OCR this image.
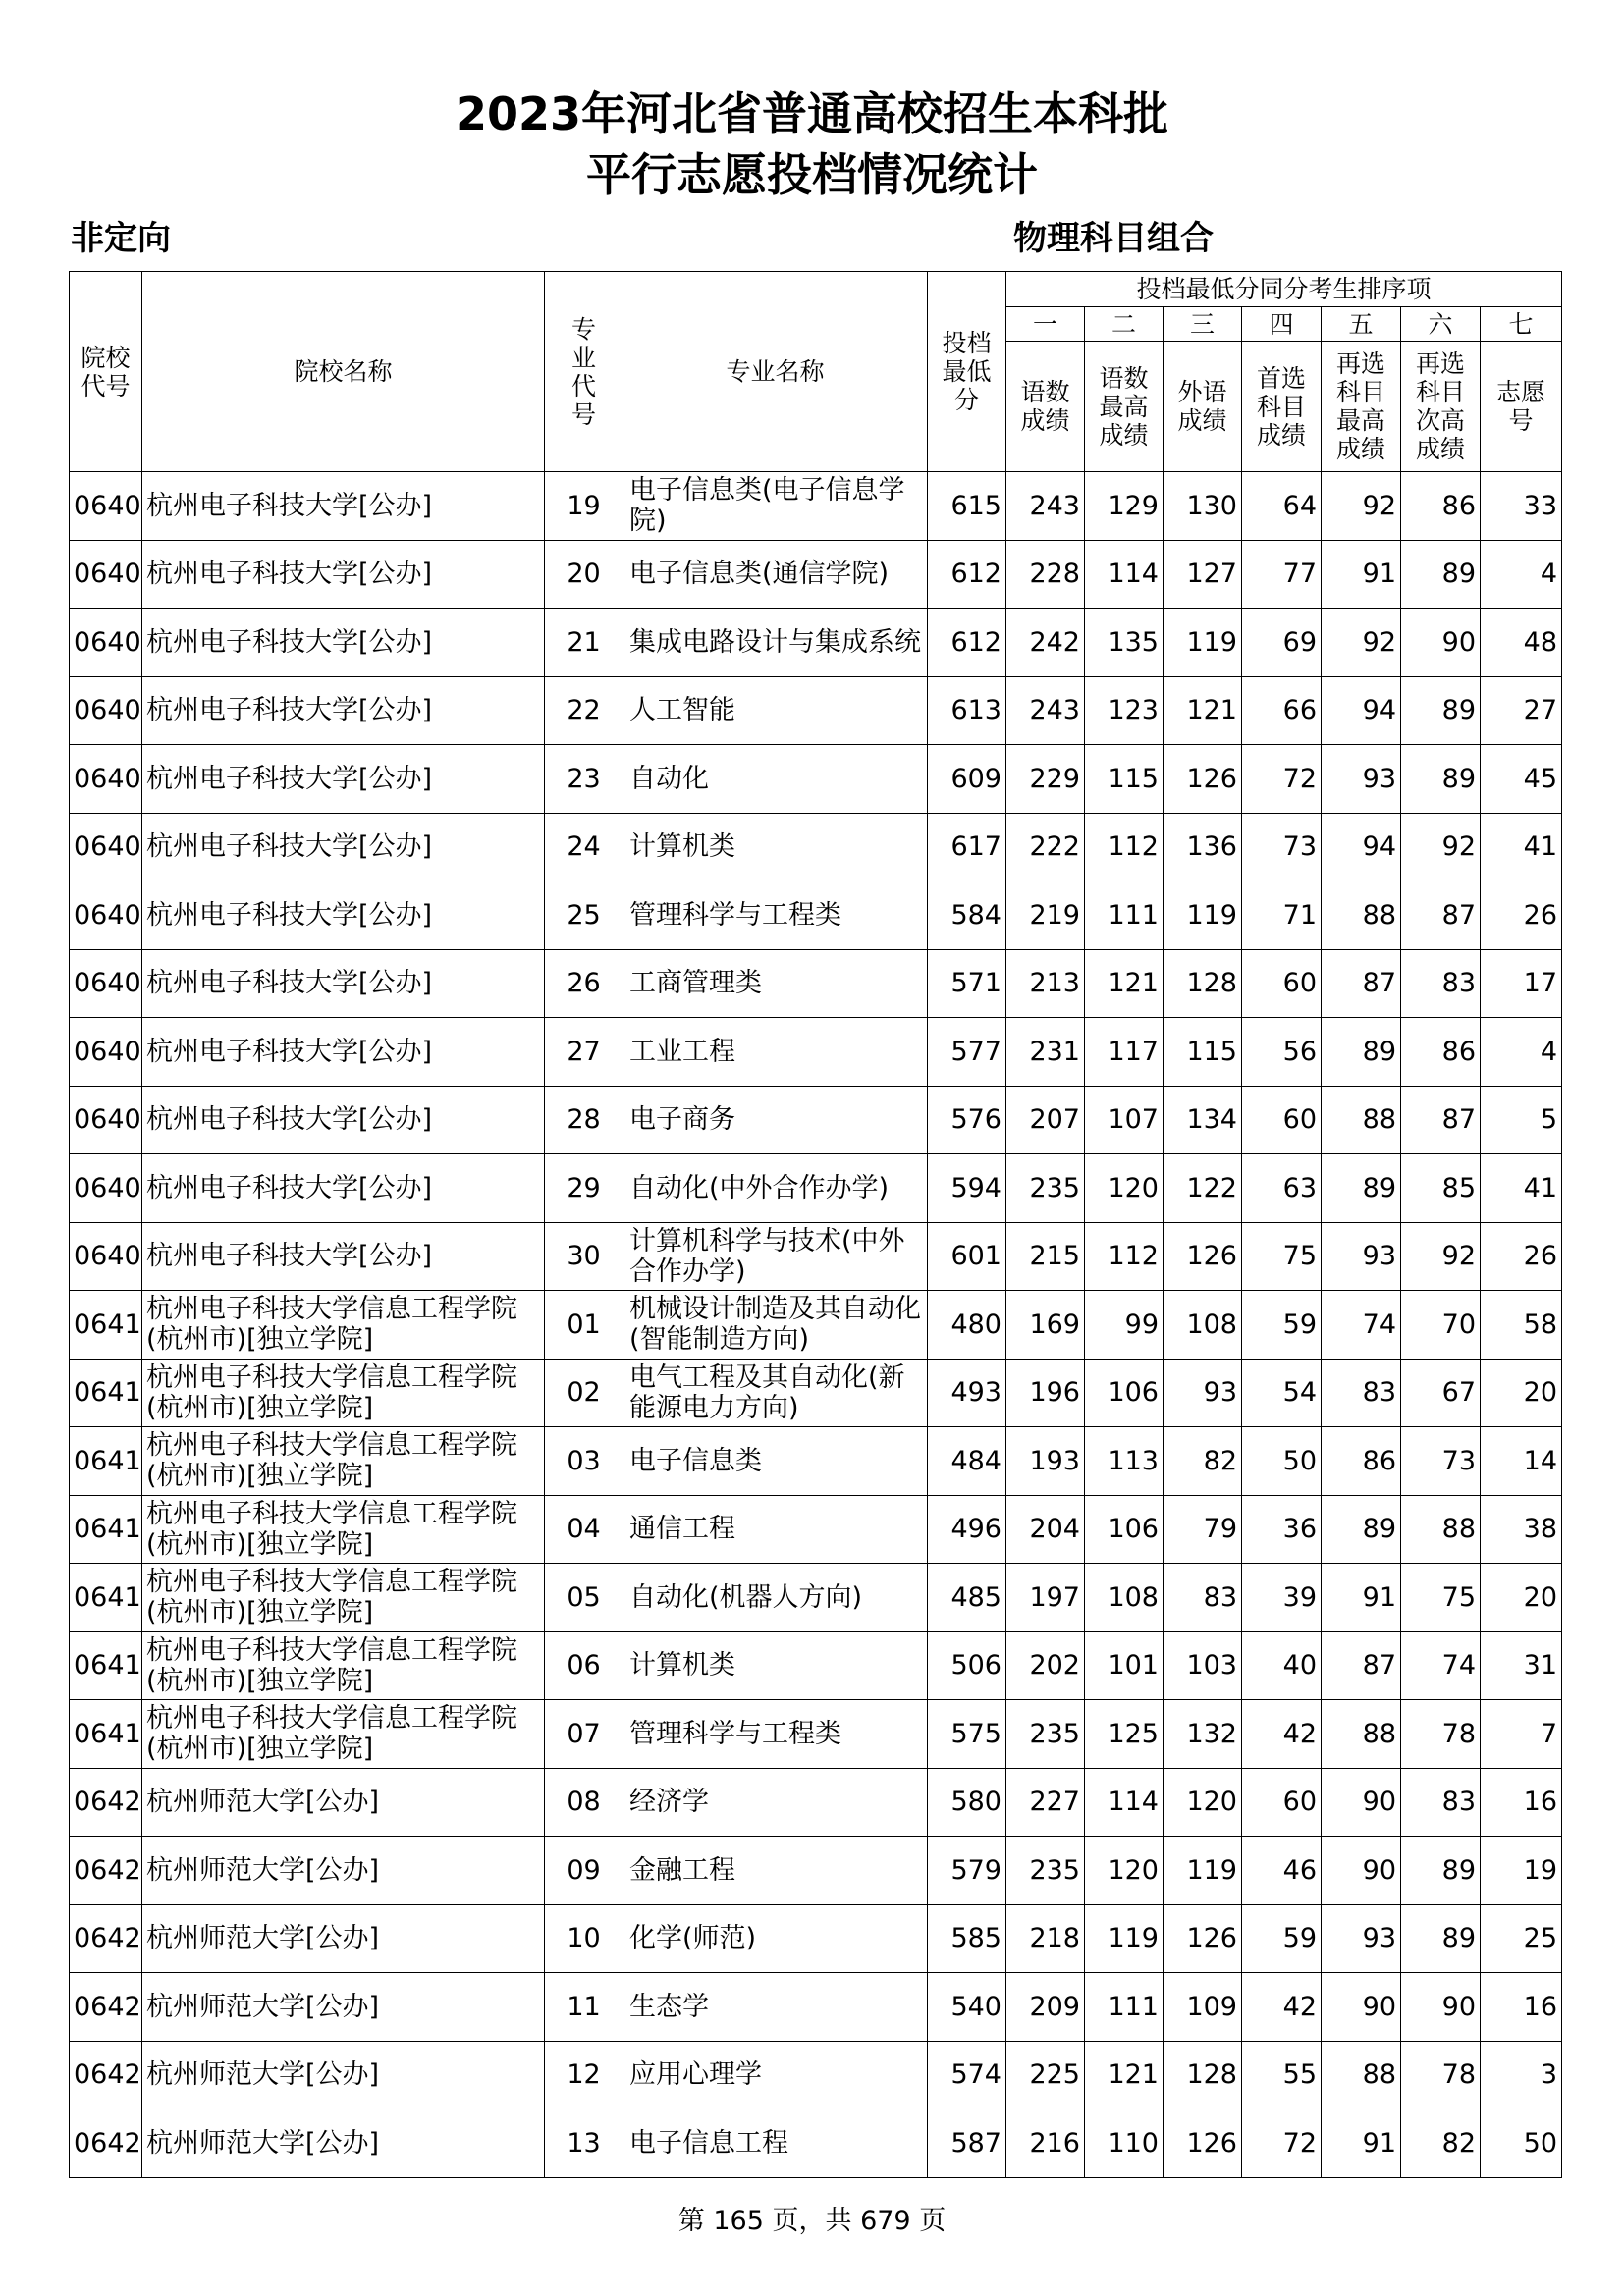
2023年河北省普通高校招生本科批
平行志愿投档情况统计
非定向	物理科目组合
院校代号	院校名称	专业代号	专业名称	投档最低分	投档最低分同分考生排序项						
					一	二	三	四	五	六	七
					语数成绩	语数最高成绩	外语成绩	首选科目成绩	再选科目最高成绩	再选科目次高成绩	志愿号
0640	杭州电子科技大学[公办]	19	电子信息类(电子信息学院)	615	243	129	130	64	92	86	33
0640	杭州电子科技大学[公办]	20	电子信息类(通信学院)	612	228	114	127	77	91	89	4
0640	杭州电子科技大学[公办]	21	集成电路设计与集成系统	612	242	135	119	69	92	90	48
0640	杭州电子科技大学[公办]	22	人工智能	613	243	123	121	66	94	89	27
0640	杭州电子科技大学[公办]	23	自动化	609	229	115	126	72	93	89	45
0640	杭州电子科技大学[公办]	24	计算机类	617	222	112	136	73	94	92	41
0640	杭州电子科技大学[公办]	25	管理科学与工程类	584	219	111	119	71	88	87	26
0640	杭州电子科技大学[公办]	26	工商管理类	571	213	121	128	60	87	83	17
0640	杭州电子科技大学[公办]	27	工业工程	577	231	117	115	56	89	86	4
0640	杭州电子科技大学[公办]	28	电子商务	576	207	107	134	60	88	87	5
0640	杭州电子科技大学[公办]	29	自动化(中外合作办学)	594	235	120	122	63	89	85	41
0640	杭州电子科技大学[公办]	30	计算机科学与技术(中外合作办学)	601	215	112	126	75	93	92	26
0641	杭州电子科技大学信息工程学院(杭州市)[独立学院]	01	机械设计制造及其自动化(智能制造方向)	480	169	99	108	59	74	70	58
0641	杭州电子科技大学信息工程学院(杭州市)[独立学院]	02	电气工程及其自动化(新能源电力方向)	493	196	106	93	54	83	67	20
0641	杭州电子科技大学信息工程学院(杭州市)[独立学院]	03	电子信息类	484	193	113	82	50	86	73	14
0641	杭州电子科技大学信息工程学院(杭州市)[独立学院]	04	通信工程	496	204	106	79	36	89	88	38
0641	杭州电子科技大学信息工程学院(杭州市)[独立学院]	05	自动化(机器人方向)	485	197	108	83	39	91	75	20
0641	杭州电子科技大学信息工程学院(杭州市)[独立学院]	06	计算机类	506	202	101	103	40	87	74	31
0641	杭州电子科技大学信息工程学院(杭州市)[独立学院]	07	管理科学与工程类	575	235	125	132	42	88	78	7
0642	杭州师范大学[公办]	08	经济学	580	227	114	120	60	90	83	16
0642	杭州师范大学[公办]	09	金融工程	579	235	120	119	46	90	89	19
0642	杭州师范大学[公办]	10	化学(师范)	585	218	119	126	59	93	89	25
0642	杭州师范大学[公办]	11	生态学	540	209	111	109	42	90	90	16
0642	杭州师范大学[公办]	12	应用心理学	574	225	121	128	55	88	78	3
0642	杭州师范大学[公办]	13	电子信息工程	587	216	110	126	72	91	82	50
第 165 页，共 679 页
